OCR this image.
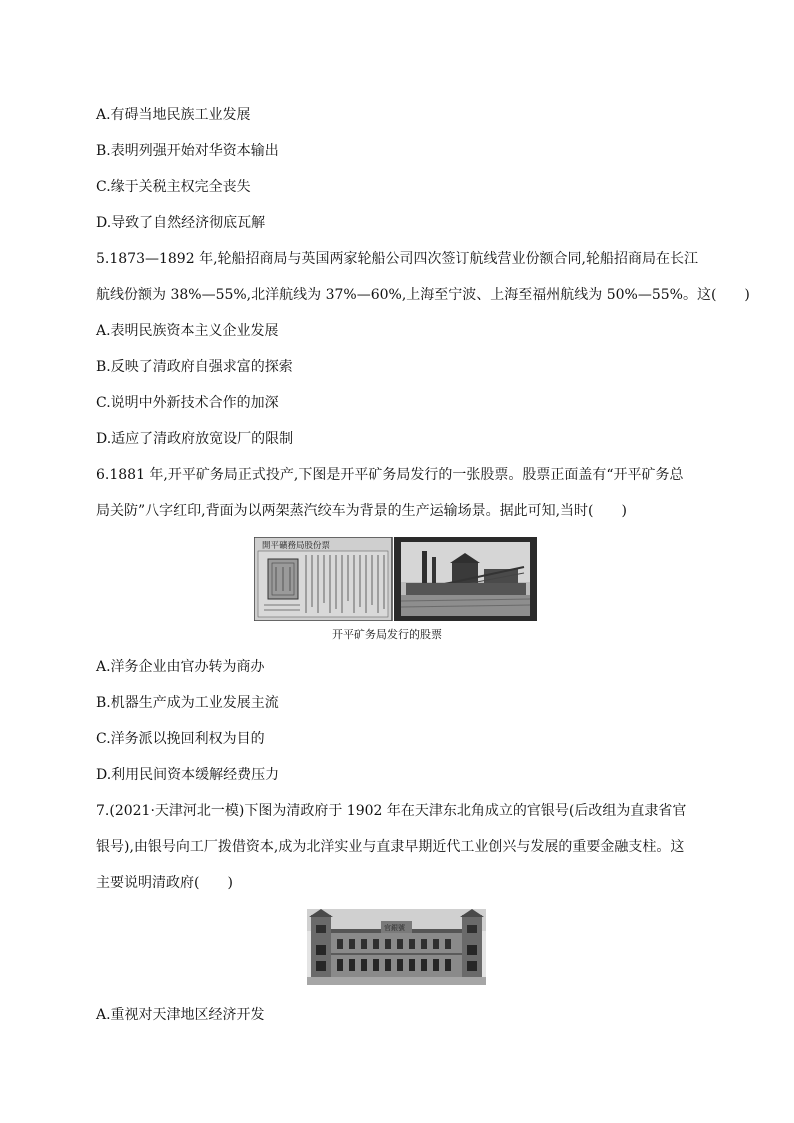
A.有碍当地民族工业发展
B.表明列强开始对华资本输出
C.缘于关税主权完全丧失
D.导致了自然经济彻底瓦解
5.1873—1892 年,轮船招商局与英国两家轮船公司四次签订航线营业份额合同,轮船招商局在长江
航线份额为 38%—55%,北洋航线为 37%—60%,上海至宁波、上海至福州航线为 50%—55%。这(　　)
A.表明民族资本主义企业发展
B.反映了清政府自强求富的探索
C.说明中外新技术合作的加深
D.适应了清政府放宽设厂的限制
6.1881 年,开平矿务局正式投产,下图是开平矿务局发行的一张股票。股票正面盖有“开平矿务总
局关防”八字红印,背面为以两架蒸汽绞车为背景的生产运输场景。据此可知,当时(　　)
開平礦務局股份票
开平矿务局发行的股票
A.洋务企业由官办转为商办
B.机器生产成为工业发展主流
C.洋务派以挽回利权为目的
D.利用民间资本缓解经费压力
7.(2021·天津河北一模)下图为清政府于 1902 年在天津东北角成立的官银号(后改组为直隶省官
银号),由银号向工厂拨借资本,成为北洋实业与直隶早期近代工业创兴与发展的重要金融支柱。这
主要说明清政府(　　)
官銀號
A.重视对天津地区经济开发
